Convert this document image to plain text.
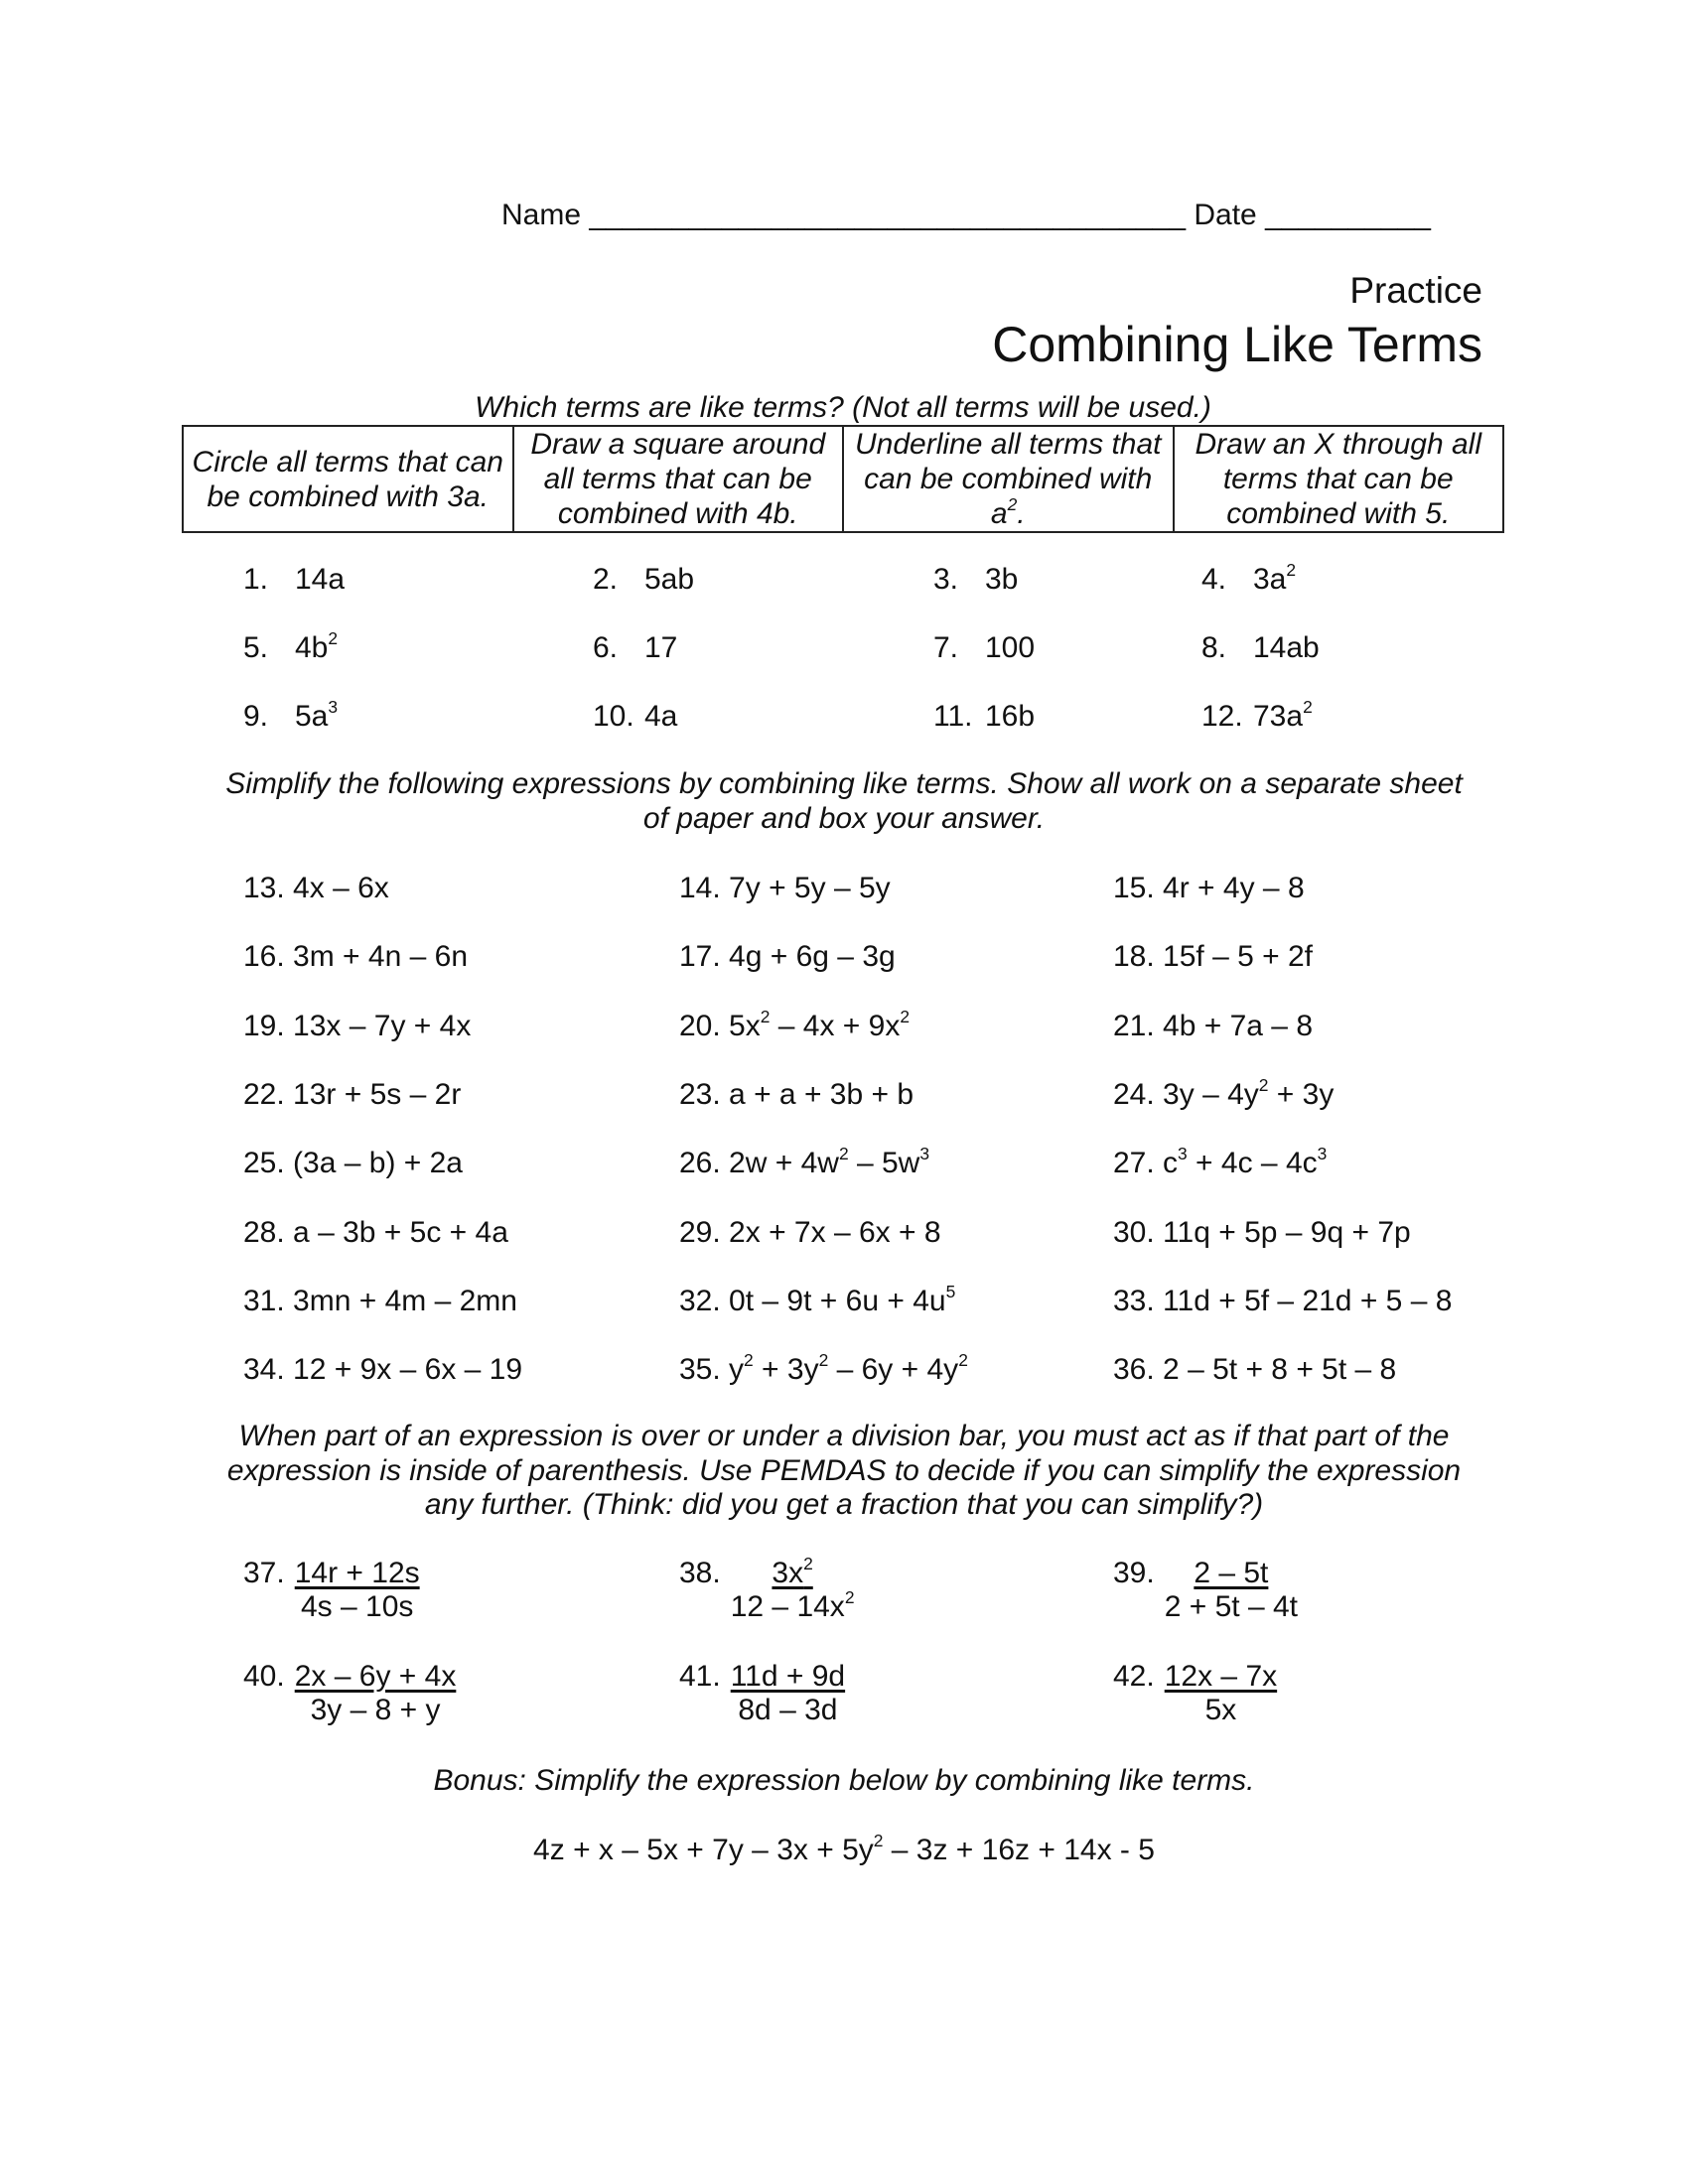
Name ____________________________________ Date __________
Practice
Combining Like Terms
Which terms are like terms? (Not all terms will be used.)
Circle all terms that can be combined with 3a.	Draw a square around all terms that can be combined with 4b.	Underline all terms that can be combined with $a^2$.	Draw an X through all terms that can be combined with 5.
1. 14a	2. 5ab	3. 3b	4. $3a^2$
5. $4b^2$	6. 17	7. 100	8. 14ab
9. $5a^3$	10. 4a	11. 16b	12. $73a^2$
Simplify the following expressions by combining like terms. Show all work on a separate sheet
of paper and box your answer.
13. 4x – 6x	14. 7y + 5y – 5y	15. 4r + 4y – 8
16. 3m + 4n – 6n	17. 4g + 6g – 3g	18. 15f – 5 + 2f
19. 13x – 7y + 4x	20. $5x^2 - 4x + 9x^2$	21. 4b + 7a – 8
22. 13r + 5s – 2r	23. a + a + 3b + b	24. $3y - 4y^2 + 3y$
25. (3a – b) + 2a	26. $2w + 4w^2 - 5w^3$	27. $c^3 + 4c - 4c^3$
28. a – 3b + 5c + 4a	29. 2x + 7x – 6x + 8	30. 11q + 5p – 9q + 7p
31. 3mn + 4m – 2mn	32. $0t - 9t + 6u + 4u^5$	33. 11d + 5f – 21d + 5 – 8
34. 12 + 9x – 6x – 19	35. $y^2 + 3y^2 - 6y + 4y^2$	36. 2 – 5t + 8 + 5t – 8
When part of an expression is over or under a division bar, you must act as if that part of the
expression is inside of parenthesis. Use PEMDAS to decide if you can simplify the expression
any further. (Think: did you get a fraction that you can simplify?)
37. $\frac{14r + 12s}{4s - 10s}$	38. $\frac{3x^2}{12 - 14x^2}$	39. $\frac{2 - 5t}{2 + 5t - 4t}$
40. $\frac{2x - 6y + 4x}{3y - 8 + y}$	41. $\frac{11d + 9d}{8d - 3d}$	42. $\frac{12x - 7x}{5x}$
Bonus: Simplify the expression below by combining like terms.
$4z + x - 5x + 7y - 3x + 5y^2 - 3z + 16z + 14x - 5$
